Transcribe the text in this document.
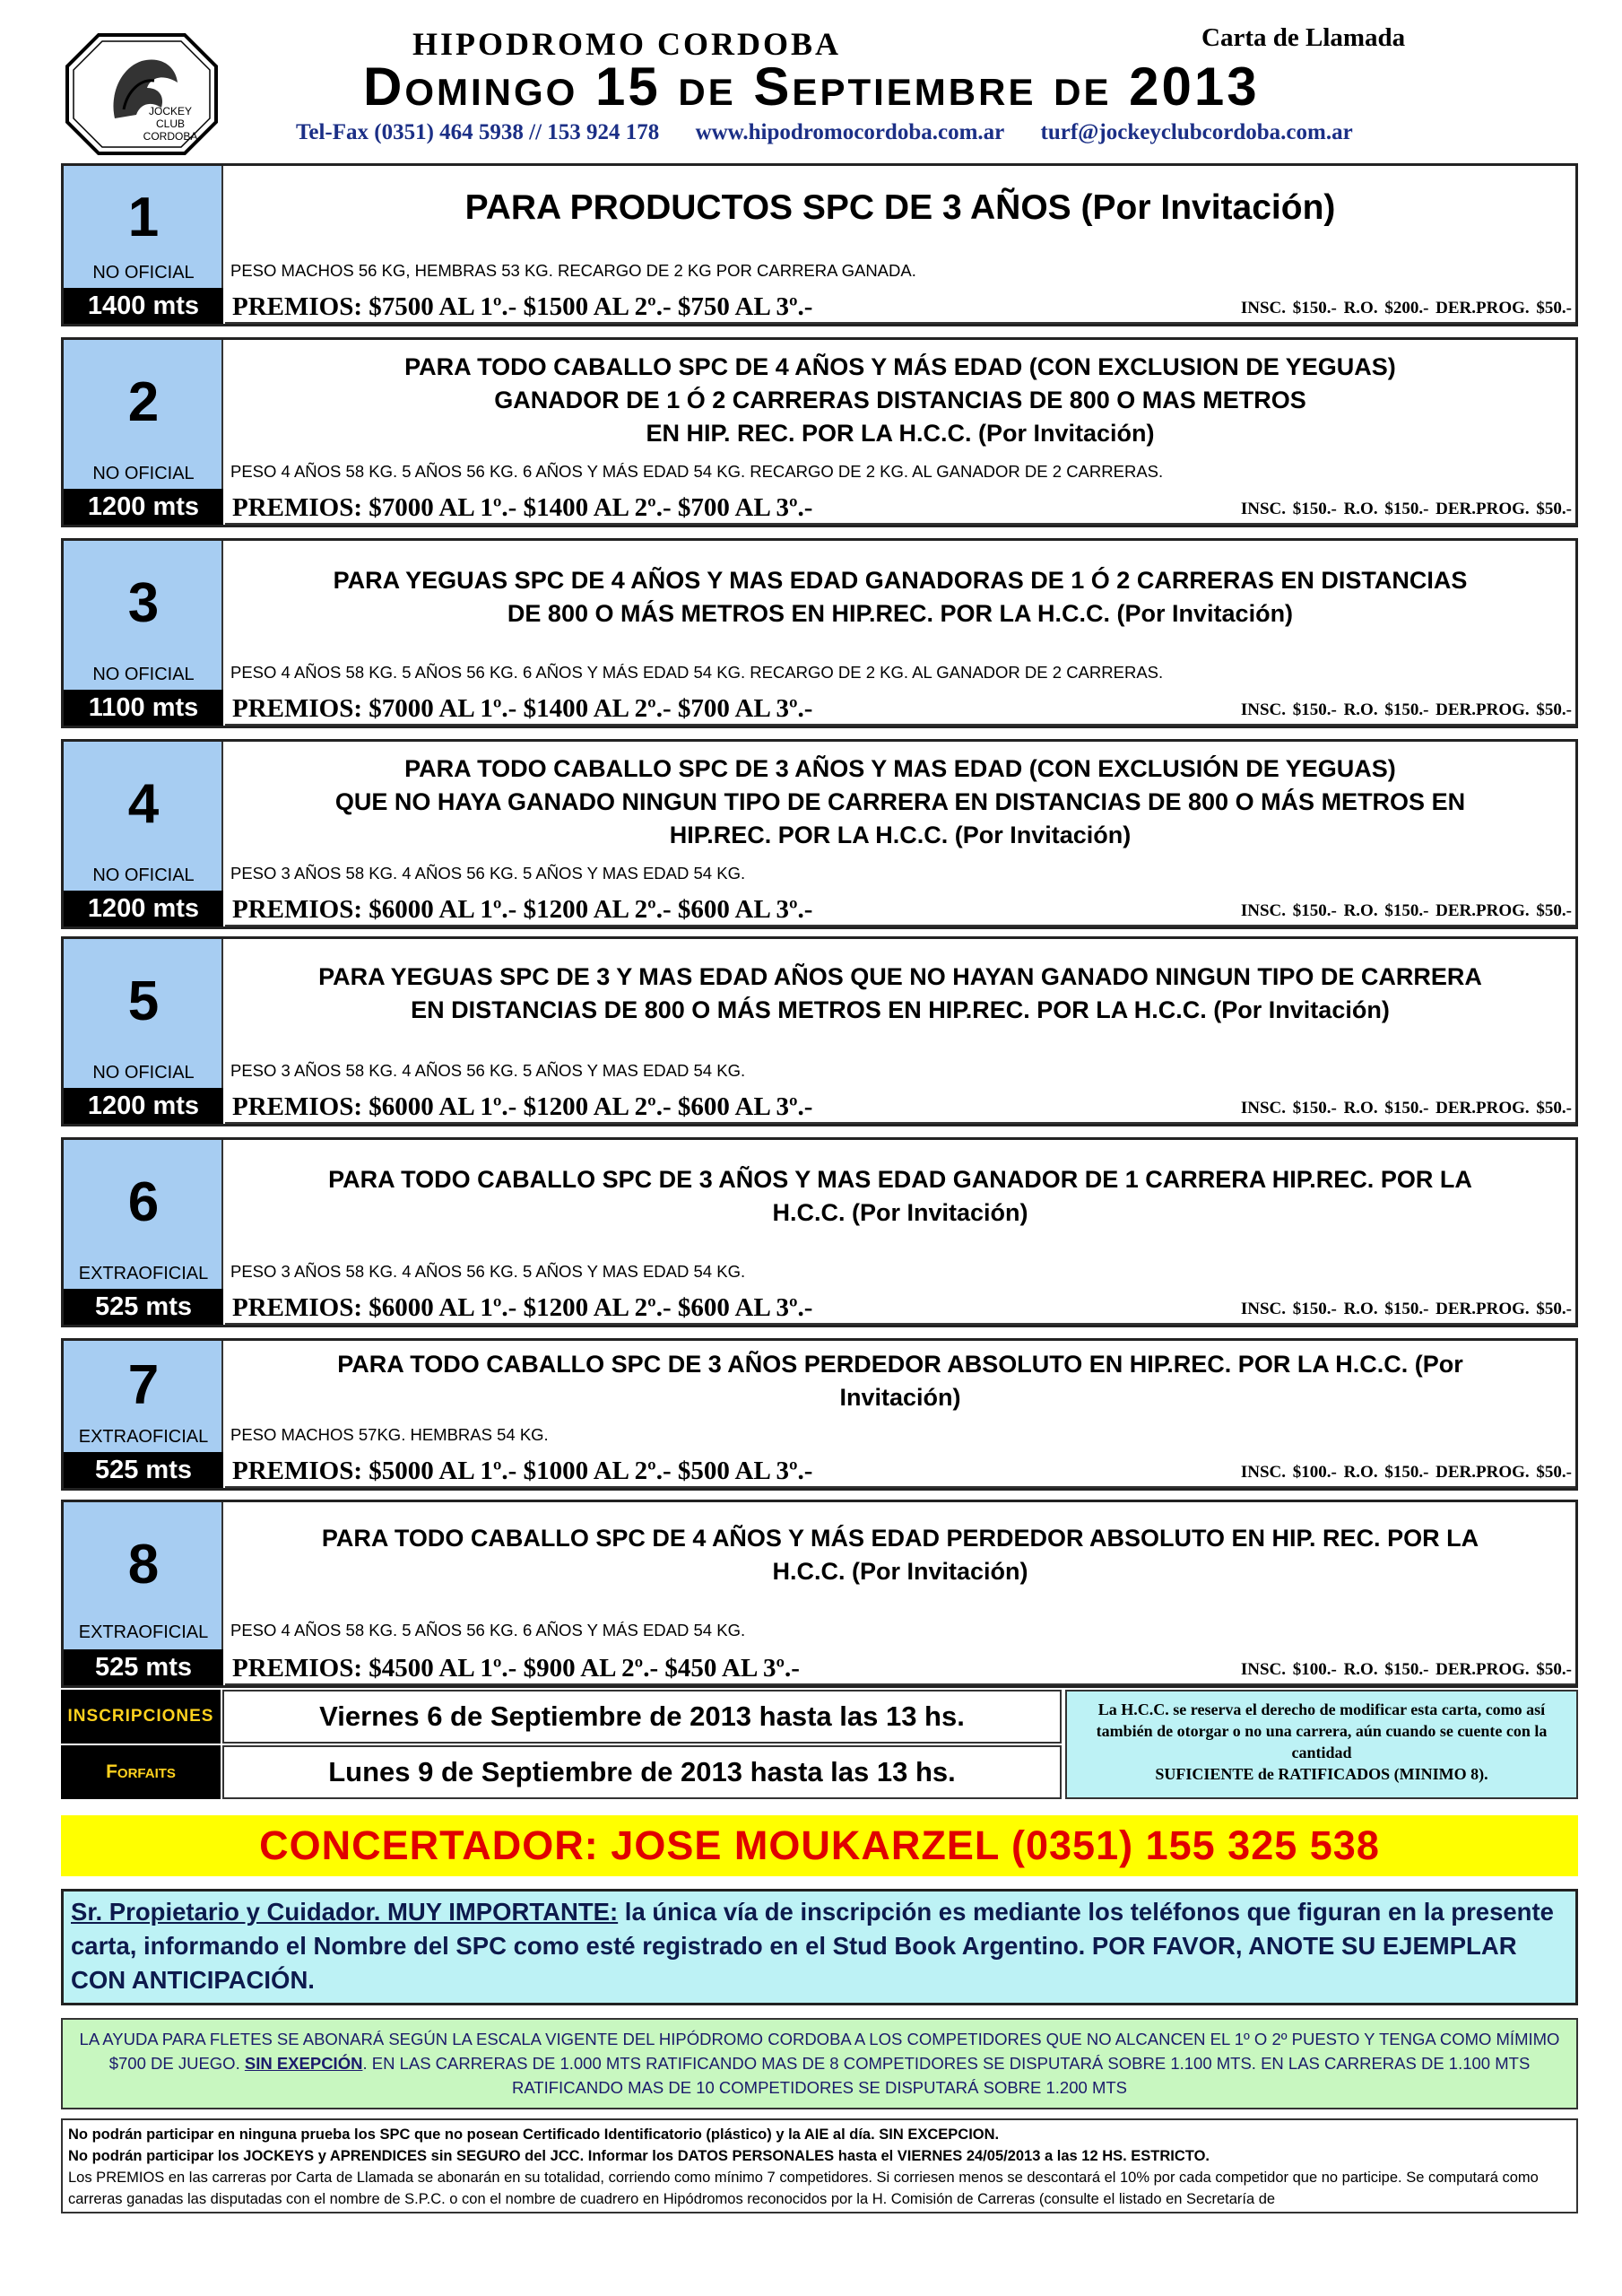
JOCKEY
CLUB
CORDOBA
HIPODROMO CORDOBA	Carta de Llamada
Domingo 15 de Septiembre de 2013
Tel-Fax (0351) 464 5938 // 153 924 178 www.hipodromocordoba.com.ar turf@jockeyclubcordoba.com.ar
1
NO OFICIAL
1400 mts
PARA PRODUCTOS SPC DE 3 AÑOS (Por Invitación)
PESO MACHOS 56 KG, HEMBRAS 53 KG. RECARGO DE 2 KG POR CARRERA GANADA.
PREMIOS: $7500 AL 1º.- $1500 AL 2º.- $750 AL 3º.-	INSC. $150.- R.O. $200.- DER.PROG. $50.-
2
NO OFICIAL
1200 mts
PARA TODO CABALLO SPC DE 4 AÑOS Y MÁS EDAD (CON EXCLUSION DE YEGUAS)
GANADOR DE 1 Ó 2 CARRERAS DISTANCIAS DE 800 O MAS METROS
EN HIP. REC. POR LA H.C.C. (Por Invitación)
PESO 4 AÑOS 58 KG. 5 AÑOS 56 KG. 6 AÑOS Y MÁS EDAD 54 KG. RECARGO DE 2 KG. AL GANADOR DE 2 CARRERAS.
PREMIOS: $7000 AL 1º.- $1400 AL 2º.- $700 AL 3º.-	INSC. $150.- R.O. $150.- DER.PROG. $50.-
3
NO OFICIAL
1100 mts
PARA YEGUAS SPC DE 4 AÑOS Y MAS EDAD GANADORAS DE 1 Ó 2 CARRERAS EN DISTANCIAS
DE 800 O MÁS METROS EN HIP.REC. POR LA H.C.C. (Por Invitación)
PESO 4 AÑOS 58 KG. 5 AÑOS 56 KG. 6 AÑOS Y MÁS EDAD 54 KG. RECARGO DE 2 KG. AL GANADOR DE 2 CARRERAS.
PREMIOS: $7000 AL 1º.- $1400 AL 2º.- $700 AL 3º.-	INSC. $150.- R.O. $150.- DER.PROG. $50.-
4
NO OFICIAL
1200 mts
PARA TODO CABALLO SPC DE 3 AÑOS Y MAS EDAD (CON EXCLUSIÓN DE YEGUAS)
QUE NO HAYA GANADO NINGUN TIPO DE CARRERA EN DISTANCIAS DE 800 O MÁS METROS EN
HIP.REC. POR LA H.C.C. (Por Invitación)
PESO 3 AÑOS 58 KG. 4 AÑOS 56 KG. 5 AÑOS Y MAS EDAD 54 KG.
PREMIOS: $6000 AL 1º.- $1200 AL 2º.- $600 AL 3º.-	INSC. $150.- R.O. $150.- DER.PROG. $50.-
5
NO OFICIAL
1200 mts
PARA YEGUAS SPC DE 3 Y MAS EDAD AÑOS QUE NO HAYAN GANADO NINGUN TIPO DE CARRERA
EN DISTANCIAS DE 800 O MÁS METROS EN HIP.REC. POR LA H.C.C. (Por Invitación)
PESO 3 AÑOS 58 KG. 4 AÑOS 56 KG. 5 AÑOS Y MAS EDAD 54 KG.
PREMIOS: $6000 AL 1º.- $1200 AL 2º.- $600 AL 3º.-	INSC. $150.- R.O. $150.- DER.PROG. $50.-
6
EXTRAOFICIAL
525 mts
PARA TODO CABALLO SPC DE 3 AÑOS Y MAS EDAD GANADOR DE 1 CARRERA HIP.REC. POR LA
H.C.C. (Por Invitación)
PESO 3 AÑOS 58 KG. 4 AÑOS 56 KG. 5 AÑOS Y MAS EDAD 54 KG.
PREMIOS: $6000 AL 1º.- $1200 AL 2º.- $600 AL 3º.-	INSC. $150.- R.O. $150.- DER.PROG. $50.-
7
EXTRAOFICIAL
525 mts
PARA TODO CABALLO SPC DE 3 AÑOS PERDEDOR ABSOLUTO EN HIP.REC. POR LA H.C.C. (Por
Invitación)
PESO MACHOS 57KG. HEMBRAS 54 KG.
PREMIOS: $5000 AL 1º.- $1000 AL 2º.- $500 AL 3º.-	INSC. $100.- R.O. $150.- DER.PROG. $50.-
8
EXTRAOFICIAL
525 mts
PARA TODO CABALLO SPC DE 4 AÑOS Y MÁS EDAD PERDEDOR ABSOLUTO EN HIP. REC. POR LA
H.C.C. (Por Invitación)
PESO 4 AÑOS 58 KG. 5 AÑOS 56 KG. 6 AÑOS Y MÁS EDAD 54 KG.
PREMIOS: $4500 AL 1º.- $900 AL 2º.- $450 AL 3º.-	INSC. $100.- R.O. $150.- DER.PROG. $50.-
INSCRIPCIONES	Viernes 6 de Septiembre de 2013 hasta las 13 hs.
Forfaits	Lunes 9 de Septiembre de 2013 hasta las 13 hs.
La H.C.C. se reserva el derecho de modificar esta carta, como así también de otorgar o no una carrera, aún cuando se cuente con la cantidad
SUFICIENTE de RATIFICADOS (MINIMO 8).
CONCERTADOR: JOSE MOUKARZEL (0351) 155 325 538
Sr. Propietario y Cuidador. MUY IMPORTANTE: la única vía de inscripción es mediante los teléfonos que figuran en la presente carta, informando el Nombre del SPC como esté registrado en el Stud Book Argentino. POR FAVOR, ANOTE SU EJEMPLAR CON ANTICIPACIÓN.
LA AYUDA PARA FLETES SE ABONARÁ SEGÚN LA ESCALA VIGENTE DEL HIPÓDROMO CORDOBA A LOS COMPETIDORES QUE NO ALCANCEN EL 1º O 2º PUESTO Y TENGA COMO MÍMIMO $700 DE JUEGO. SIN EXEPCIÓN. EN LAS CARRERAS DE 1.000 MTS RATIFICANDO MAS DE 8 COMPETIDORES SE DISPUTARÁ SOBRE 1.100 MTS. EN LAS CARRERAS DE 1.100 MTS RATIFICANDO MAS DE 10 COMPETIDORES SE DISPUTARÁ SOBRE 1.200 MTS
No podrán participar en ninguna prueba los SPC que no posean Certificado Identificatorio (plástico) y la AIE al día. SIN EXCEPCION.
No podrán participar los JOCKEYS y APRENDICES sin SEGURO del JCC. Informar los DATOS PERSONALES hasta el VIERNES 24/05/2013 a las 12 HS. ESTRICTO.
Los PREMIOS en las carreras por Carta de Llamada se abonarán en su totalidad, corriendo como mínimo 7 competidores. Si corriesen menos se descontará el 10% por cada competidor que no participe. Se computará como carreras ganadas las disputadas con el nombre de S.P.C. o con el nombre de cuadrero en Hipódromos reconocidos por la H. Comisión de Carreras (consulte el listado en Secretaría de
